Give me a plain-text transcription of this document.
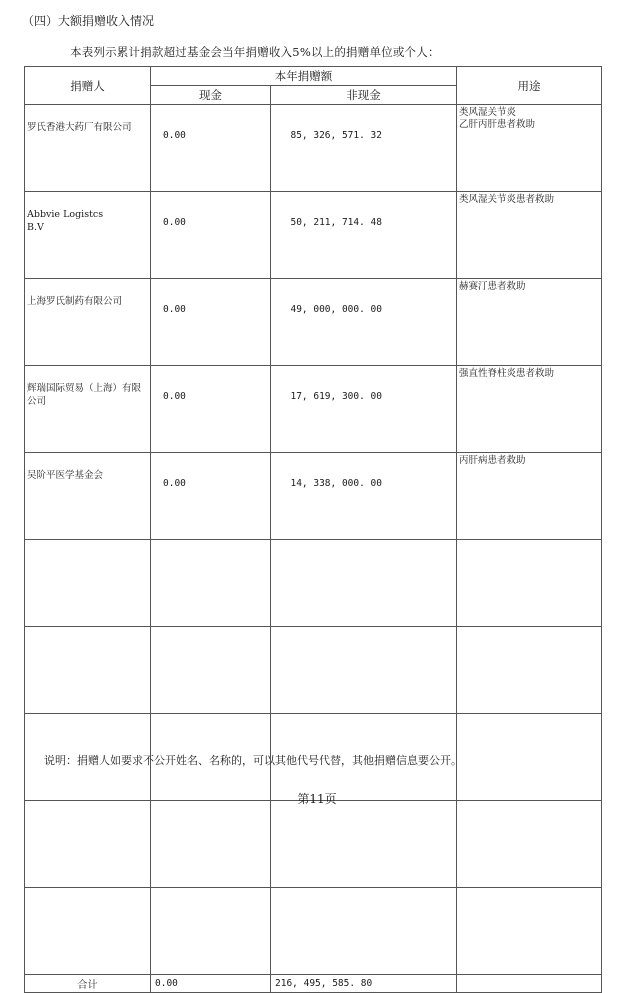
（四）大额捐赠收入情况
本表列示累计捐款超过基金会当年捐赠收入5%以上的捐赠单位或个人：
捐赠人	本年捐赠额		用途
	现金	非现金	
罗氏香港大药厂有限公司	0.00	85, 326, 571. 32	类风湿关节炎
乙肝丙肝患者救助
Abbvie Logistcs
B.V	0.00	50, 211, 714. 48	类风湿关节炎患者救助
上海罗氏制药有限公司	0.00	49, 000, 000. 00	赫赛汀患者救助
辉瑞国际贸易（上海）有限公司	0.00	17, 619, 300. 00	强直性脊柱炎患者救助
吴阶平医学基金会	0.00	14, 338, 000. 00	丙肝病患者救助

合计	0.00	216, 495, 585. 80	
说明：捐赠人如要求不公开姓名、名称的，可以其他代号代替，其他捐赠信息要公开。
第11页
